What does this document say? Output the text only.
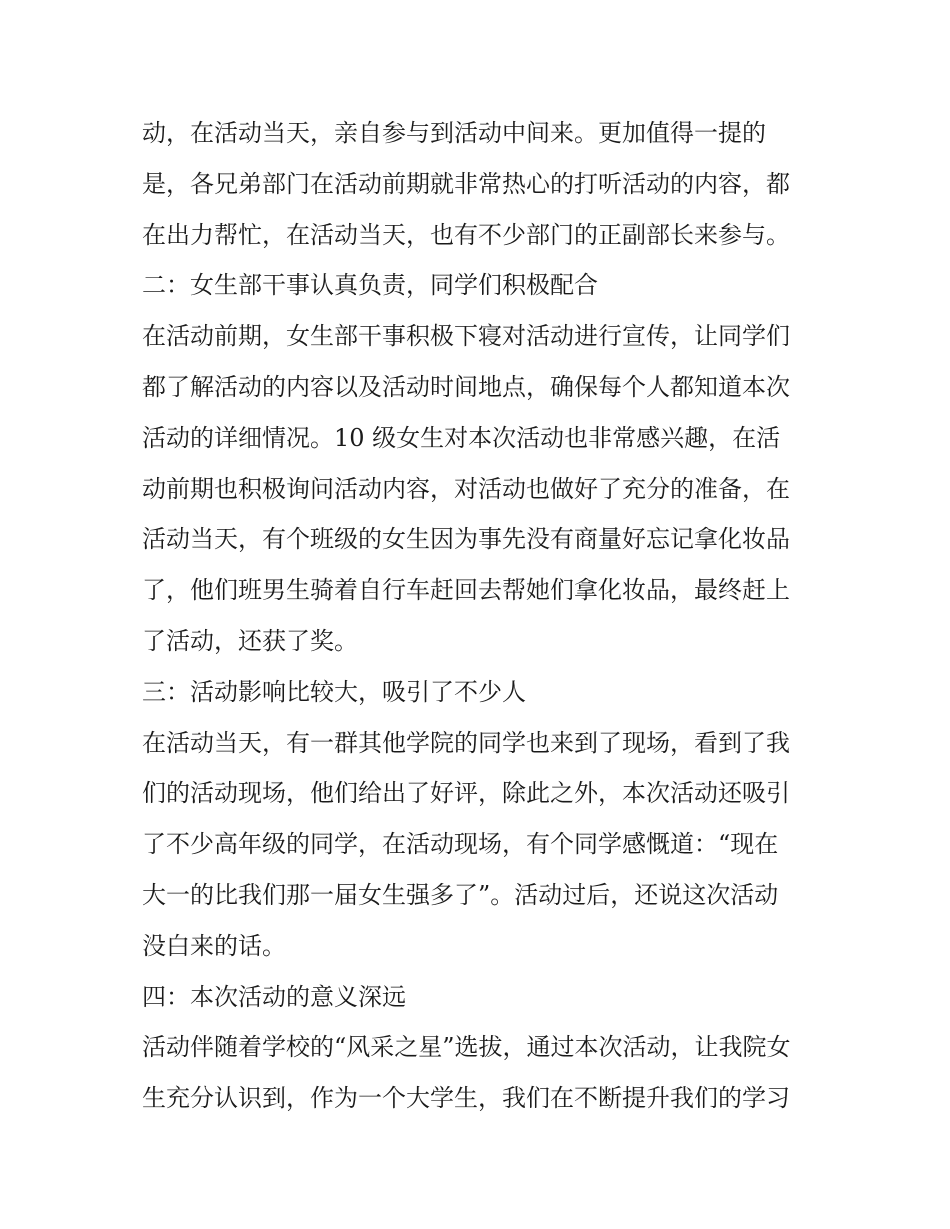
动，在活动当天，亲自参与到活动中间来。更加值得一提的
是，各兄弟部门在活动前期就非常热心的打听活动的内容，都
在出力帮忙，在活动当天，也有不少部门的正副部长来参与。
二：女生部干事认真负责，同学们积极配合
在活动前期，女生部干事积极下寝对活动进行宣传，让同学们
都了解活动的内容以及活动时间地点，确保每个人都知道本次
活动的详细情况。10 级女生对本次活动也非常感兴趣，在活
动前期也积极询问活动内容，对活动也做好了充分的准备，在
活动当天，有个班级的女生因为事先没有商量好忘记拿化妆品
了，他们班男生骑着自行车赶回去帮她们拿化妆品，最终赶上
了活动，还获了奖。
三：活动影响比较大，吸引了不少人
在活动当天，有一群其他学院的同学也来到了现场，看到了我
们的活动现场，他们给出了好评，除此之外，本次活动还吸引
了不少高年级的同学，在活动现场，有个同学感慨道：“现在
大一的比我们那一届女生强多了”。活动过后，还说这次活动
没白来的话。
四：本次活动的意义深远
活动伴随着学校的“风采之星”选拔，通过本次活动，让我院女
生充分认识到，作为一个大学生，我们在不断提升我们的学习
